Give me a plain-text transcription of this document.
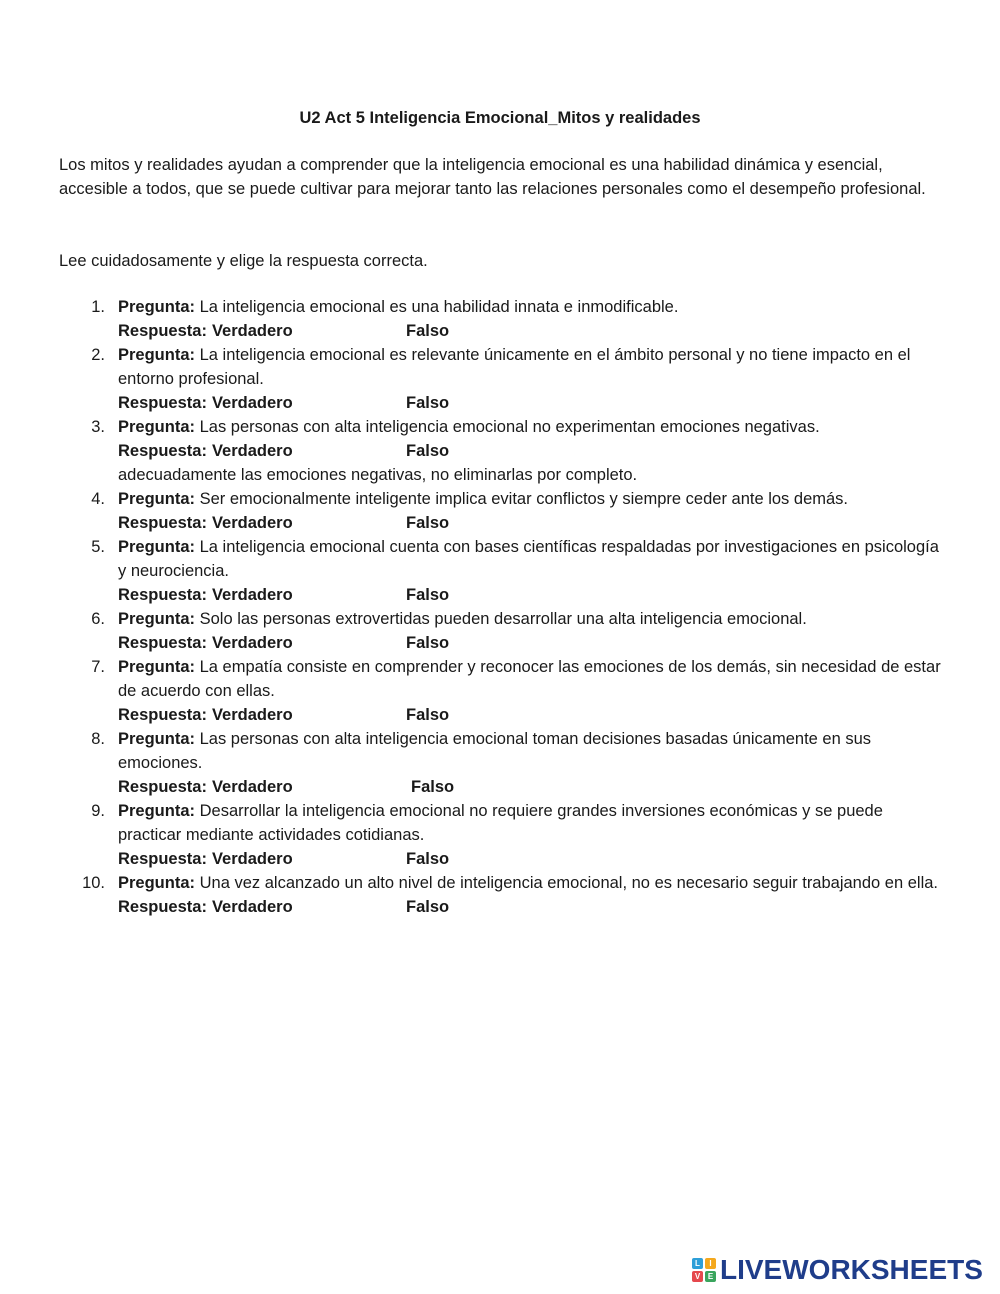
U2 Act 5 Inteligencia Emocional_Mitos y realidades
Los mitos y realidades ayudan a comprender que la inteligencia emocional es una habilidad dinámica y esencial, accesible a todos, que se puede cultivar para mejorar tanto las relaciones personales como el desempeño profesional.
Lee cuidadosamente y elige la respuesta correcta.
1. Pregunta: La inteligencia emocional es una habilidad innata e inmodificable.
Respuesta: Verdadero	Falso
2. Pregunta: La inteligencia emocional es relevante únicamente en el ámbito personal y no tiene impacto en el entorno profesional.
Respuesta: Verdadero	Falso
3. Pregunta: Las personas con alta inteligencia emocional no experimentan emociones negativas.
Respuesta: Verdadero	Falso
adecuadamente las emociones negativas, no eliminarlas por completo.
4. Pregunta: Ser emocionalmente inteligente implica evitar conflictos y siempre ceder ante los demás.
Respuesta: Verdadero	Falso
5. Pregunta: La inteligencia emocional cuenta con bases científicas respaldadas por investigaciones en psicología y neurociencia.
Respuesta: Verdadero	Falso
6. Pregunta: Solo las personas extrovertidas pueden desarrollar una alta inteligencia emocional.
Respuesta: Verdadero	Falso
7. Pregunta: La empatía consiste en comprender y reconocer las emociones de los demás, sin necesidad de estar de acuerdo con ellas.
Respuesta: Verdadero	Falso
8. Pregunta: Las personas con alta inteligencia emocional toman decisiones basadas únicamente en sus emociones.
Respuesta: Verdadero	Falso
9. Pregunta: Desarrollar la inteligencia emocional no requiere grandes inversiones económicas y se puede practicar mediante actividades cotidianas.
Respuesta: Verdadero	Falso
10. Pregunta: Una vez alcanzado un alto nivel de inteligencia emocional, no es necesario seguir trabajando en ella.
Respuesta: Verdadero	Falso
L	I
V E LIVEWORKSHEETS
